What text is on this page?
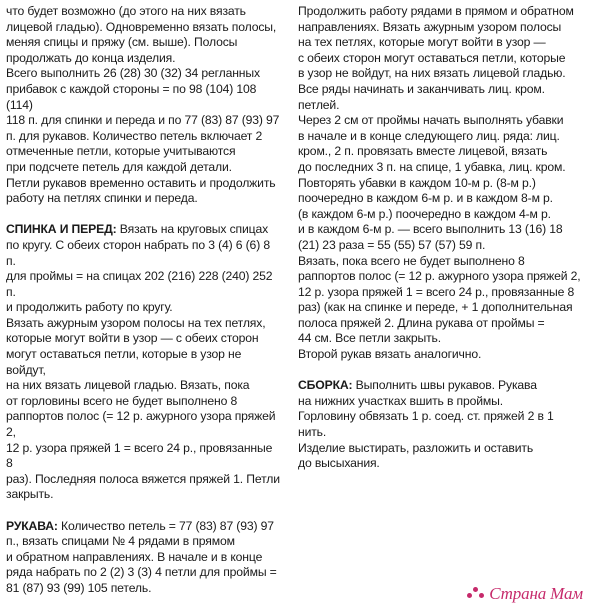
что будет возможно (до этого на них вязать
лицевой гладью). Одновременно вязать полосы,
меняя спицы и пряжу (см. выше). Полосы
продолжать до конца изделия.

Всего выполнить 26 (28) 30 (32) 34 регланных
прибавок с каждой стороны = по 98 (104) 108 (114)
118 п. для спинки и переда и по 77 (83) 87 (93) 97
п. для рукавов. Количество петель включает 2
отмеченные петли, которые учитываются
при подсчете петель для каждой детали.

Петли рукавов временно оставить и продолжить
работу на петлях спинки и переда.

СПИНКА И ПЕРЕД: Вязать на круговых спицах
по кругу. С обеих сторон набрать по 3 (4) 6 (6) 8 п.
для проймы = на спицах 202 (216) 228 (240) 252 п.
и продолжить работу по кругу.

Вязать ажурным узором полосы на тех петлях,
которые могут войти в узор — с обеих сторон
могут оставаться петли, которые в узор не войдут,
на них вязать лицевой гладью. Вязать, пока
от горловины всего не будет выполнено 8
раппортов полос (= 12 р. ажурного узора пряжей 2,
12 р. узора пряжей 1 = всего 24 р., провязанные 8
раз). Последняя полоса вяжется пряжей 1. Петли
закрыть.

РУКАВА: Количество петель = 77 (83) 87 (93) 97
п., вязать спицами № 4 рядами в прямом
и обратном направлениях. В начале и в конце
ряда набрать по 2 (2) 3 (3) 4 петли для проймы =
81 (87) 93 (99) 105 петель.

Продолжить работу рядами в прямом и обратном
направлениях. Вязать ажурным узором полосы
на тех петлях, которые могут войти в узор —
с обеих сторон могут оставаться петли, которые
в узор не войдут, на них вязать лицевой гладью.
Все ряды начинать и заканчивать лиц. кром.
петлей.

Через 2 см от проймы начать выполнять убавки
в начале и в конце следующего лиц. ряда: лиц.
кром., 2 п. провязать вместе лицевой, вязать
до последних 3 п. на спице, 1 убавка, лиц. кром.
Повторять убавки в каждом 10-м р. (8-м р.)
поочередно в каждом 6-м р. и в каждом 8-м р.
(в каждом 6-м р.) поочередно в каждом 4-м р.
и в каждом 6-м р. — всего выполнить 13 (16) 18
(21) 23 раза = 55 (55) 57 (57) 59 п.

Вязать, пока всего не будет выполнено 8
раппортов полос (= 12 р. ажурного узора пряжей 2,
12 р. узора пряжей 1 = всего 24 р., провязанные 8
раз) (как на спинке и переде, + 1 дополнительная
полоса пряжей 2. Длина рукава от проймы =
44 см. Все петли закрыть.

Второй рукав вязать аналогично.

СБОРКА: Выполнить швы рукавов. Рукава
на нижних участках вшить в проймы.
Горловину обвязать 1 р. соед. ст. пряжей 2 в 1
нить.

Изделие выстирать, разложить и оставить
до высыхания.

Страна Мам
